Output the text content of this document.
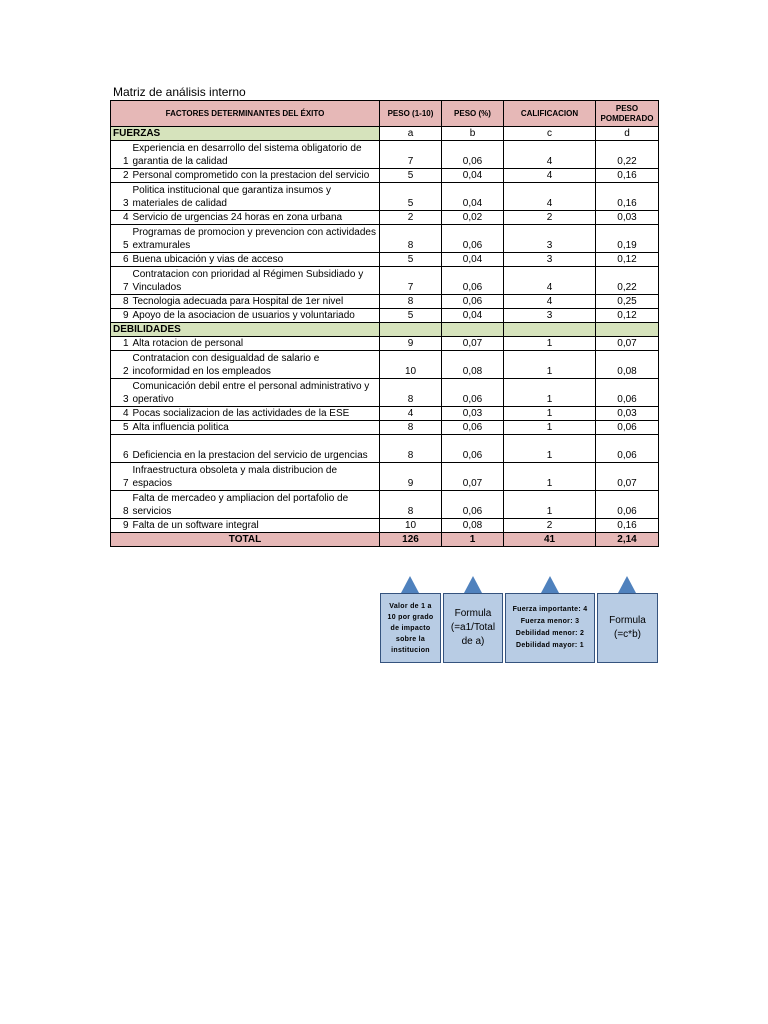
Matriz de análisis interno
FACTORES DETERMINANTES DEL ÉXITO		PESO (1-10)	PESO (%)	CALIFICACION	PESO POMDERADO
FUERZAS		a	b	c	d
1	Experiencia en desarrollo del sistema obligatorio de garantia de la calidad	7	0,06	4	0,22
2	Personal comprometido con la prestacion del servicio	5	0,04	4	0,16
3	Politica institucional que garantiza insumos y materiales de calidad	5	0,04	4	0,16
4	Servicio de urgencias 24 horas en zona urbana	2	0,02	2	0,03
5	Programas de promocion y prevencion con actividades extramurales	8	0,06	3	0,19
6	Buena ubicación y vias de acceso	5	0,04	3	0,12
7	Contratacion con prioridad al Régimen Subsidiado y Vinculados	7	0,06	4	0,22
8	Tecnologia adecuada para Hospital de 1er nivel	8	0,06	4	0,25
9	Apoyo de la asociacion de usuarios y voluntariado	5	0,04	3	0,12
DEBILIDADES					
1	Alta rotacion de personal	9	0,07	1	0,07
2	Contratacion con desigualdad de salario e incoformidad en los empleados	10	0,08	1	0,08
3	Comunicación debil entre el personal administrativo y operativo	8	0,06	1	0,06
4	Pocas socializacion de las actividades de la ESE	4	0,03	1	0,03
5	Alta influencia politica	8	0,06	1	0,06
6	Deficiencia en la prestacion del servicio de urgencias	8	0,06	1	0,06
7	Infraestructura obsoleta y mala distribucion de espacios	9	0,07	1	0,07
8	Falta de mercadeo y ampliacion del portafolio de servicios	8	0,06	1	0,06
9	Falta de un software integral	10	0,08	2	0,16
TOTAL		126	1	41	2,14
Valor de 1 a
10 por grado
de impacto
sobre la
institucion
Formula
(=a1/Total
de a)
Fuerza importante: 4
Fuerza menor: 3
Debilidad menor: 2
Debilidad mayor: 1
Formula
(=c*b)
